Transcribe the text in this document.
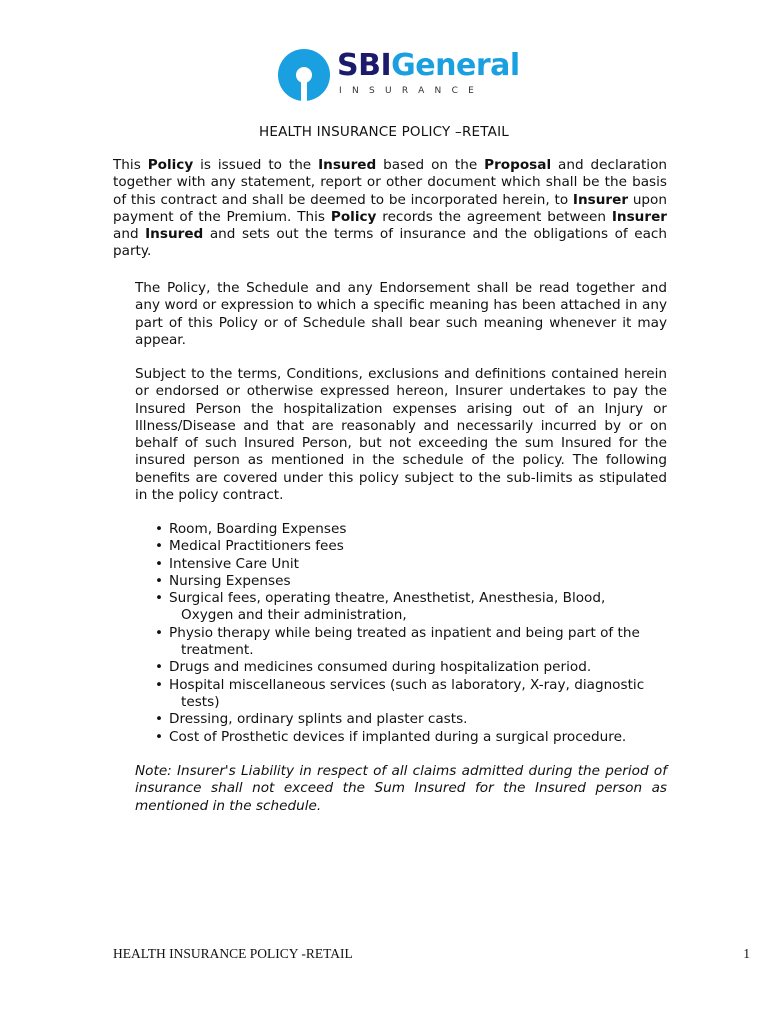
SBIGeneral
INSURANCE
HEALTH INSURANCE POLICY –RETAIL

This Policy is issued to the Insured based on the Proposal and declaration together with any statement, report or other document which shall be the basis of this contract and shall be deemed to be incorporated herein, to Insurer upon payment of the Premium. This Policy records the agreement between Insurer and Insured and sets out the terms of insurance and the obligations of each party.

The Policy, the Schedule and any Endorsement shall be read together and any word or expression to which a specific meaning has been attached in any part of this Policy or of Schedule shall bear such meaning whenever it may appear.

Subject to the terms, Conditions, exclusions and definitions contained herein or endorsed or otherwise expressed hereon, Insurer undertakes to pay the Insured Person the hospitalization expenses arising out of an Injury or Illness/Disease and that are reasonably and necessarily incurred by or on behalf of such Insured Person, but not exceeding the sum Insured for the insured person as mentioned in the schedule of the policy. The following benefits are covered under this policy subject to the sub-limits as stipulated in the policy contract.

• Room, Boarding Expenses
• Medical Practitioners fees
• Intensive Care Unit
• Nursing Expenses
• Surgical fees, operating theatre, Anesthetist, Anesthesia, Blood,
Oxygen and their administration,
• Physio therapy while being treated as inpatient and being part of the
treatment.
• Drugs and medicines consumed during hospitalization period.
• Hospital miscellaneous services (such as laboratory, X-ray, diagnostic
tests)
• Dressing, ordinary splints and plaster casts.
• Cost of Prosthetic devices if implanted during a surgical procedure.

Note: Insurer's Liability in respect of all claims admitted during the period of insurance shall not exceed the Sum Insured for the Insured person as mentioned in the schedule.

HEALTH INSURANCE POLICY -RETAIL	1
